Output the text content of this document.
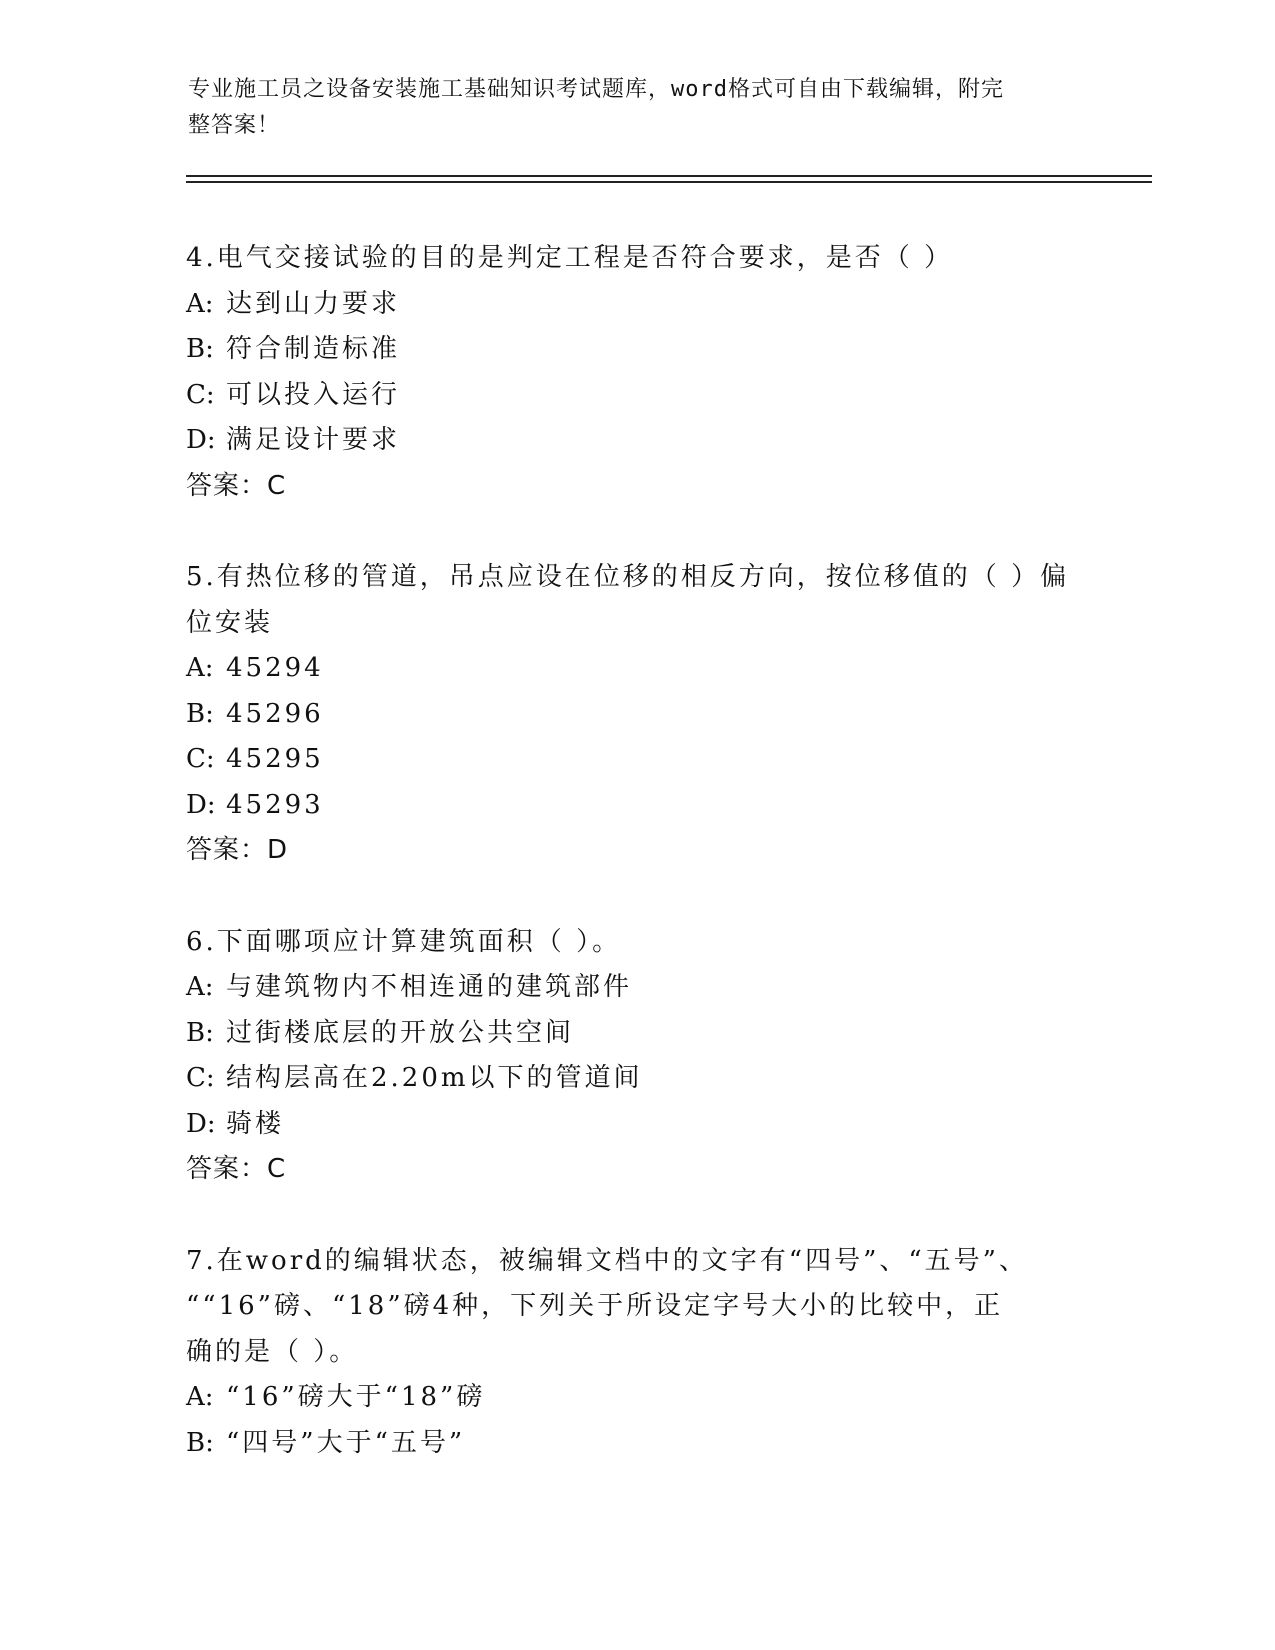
专业施工员之设备安装施工基础知识考试题库，word格式可自由下载编辑，附完
整答案！
4.电气交接试验的目的是判定工程是否符合要求，是否（ ）
A: 达到山力要求
B: 符合制造标准
C: 可以投入运行
D: 满足设计要求
答案：C
5.有热位移的管道，吊点应设在位移的相反方向，按位移值的（ ）偏
位安装
A: 45294
B: 45296
C: 45295
D: 45293
答案：D
6.下面哪项应计算建筑面积（ ）。
A: 与建筑物内不相连通的建筑部件
B: 过街楼底层的开放公共空间
C: 结构层高在2.20m以下的管道间
D: 骑楼
答案：C
7.在word的编辑状态，被编辑文档中的文字有“四号”、“五号”、
““16”磅、“18”磅4种，下列关于所设定字号大小的比较中，正
确的是（ ）。
A: “16”磅大于“18”磅
B: “四号”大于“五号”
